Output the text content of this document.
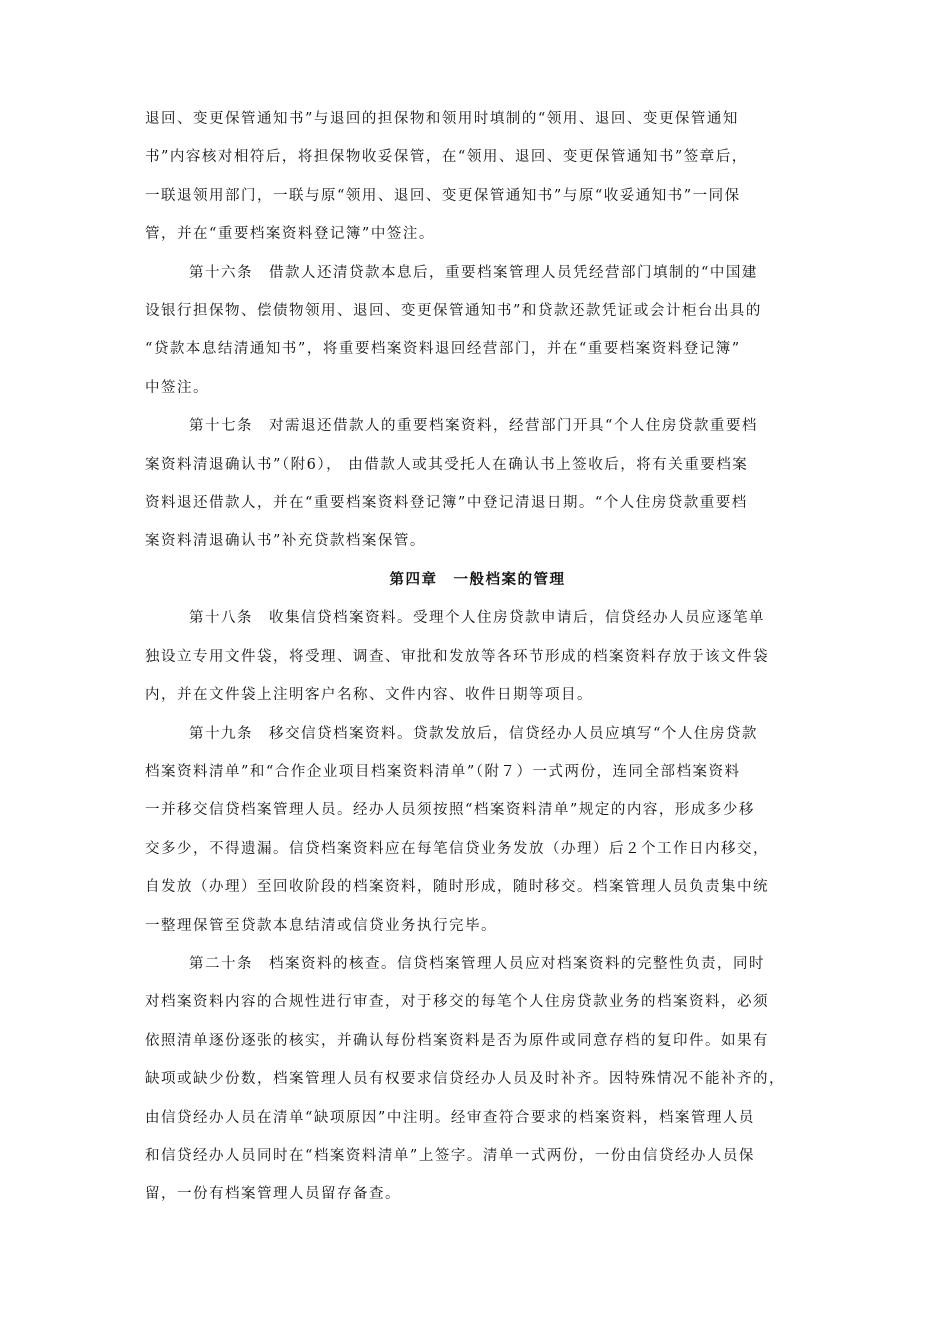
退回、变更保管通知书”与退回的担保物和领用时填制的“领用、退回、变更保管通知
书”内容核对相符后，将担保物收妥保管，在“领用、退回、变更保管通知书”签章后，
一联退领用部门，一联与原“领用、退回、变更保管通知书”与原“收妥通知书”一同保
管，并在“重要档案资料登记簿”中签注。

第十六条　借款人还清贷款本息后，重要档案管理人员凭经营部门填制的“中国建
设银行担保物、偿债物领用、退回、变更保管通知书”和贷款还款凭证或会计柜台出具的
“贷款本息结清通知书”，将重要档案资料退回经营部门，并在“重要档案资料登记簿”
中签注。

第十七条　对需退还借款人的重要档案资料，经营部门开具“个人住房贷款重要档
案资料清退确认书”（附6）， 由借款人或其受托人在确认书上签收后，将有关重要档案
资料退还借款人，并在“重要档案资料登记簿”中登记清退日期。“个人住房贷款重要档
案资料清退确认书”补充贷款档案保管。

第四章　一般档案的管理

第十八条　收集信贷档案资料。受理个人住房贷款申请后，信贷经办人员应逐笔单
独设立专用文件袋，将受理、调查、审批和发放等各环节形成的档案资料存放于该文件袋
内，并在文件袋上注明客户名称、文件内容、收件日期等项目。

第十九条　移交信贷档案资料。贷款发放后，信贷经办人员应填写“个人住房贷款
档案资料清单”和“合作企业项目档案资料清单”（附７）一式两份，连同全部档案资料
一并移交信贷档案管理人员。经办人员须按照“档案资料清单”规定的内容，形成多少移
交多少，不得遗漏。信贷档案资料应在每笔信贷业务发放（办理）后２个工作日内移交，
自发放（办理）至回收阶段的档案资料，随时形成，随时移交。档案管理人员负责集中统
一整理保管至贷款本息结清或信贷业务执行完毕。

第二十条　档案资料的核查。信贷档案管理人员应对档案资料的完整性负责，同时
对档案资料内容的合规性进行审查，对于移交的每笔个人住房贷款业务的档案资料，必须
依照清单逐份逐张的核实，并确认每份档案资料是否为原件或同意存档的复印件。如果有
缺项或缺少份数，档案管理人员有权要求信贷经办人员及时补齐。因特殊情况不能补齐的，
由信贷经办人员在清单“缺项原因”中注明。经审查符合要求的档案资料，档案管理人员
和信贷经办人员同时在“档案资料清单”上签字。清单一式两份，一份由信贷经办人员保
留，一份有档案管理人员留存备查。
